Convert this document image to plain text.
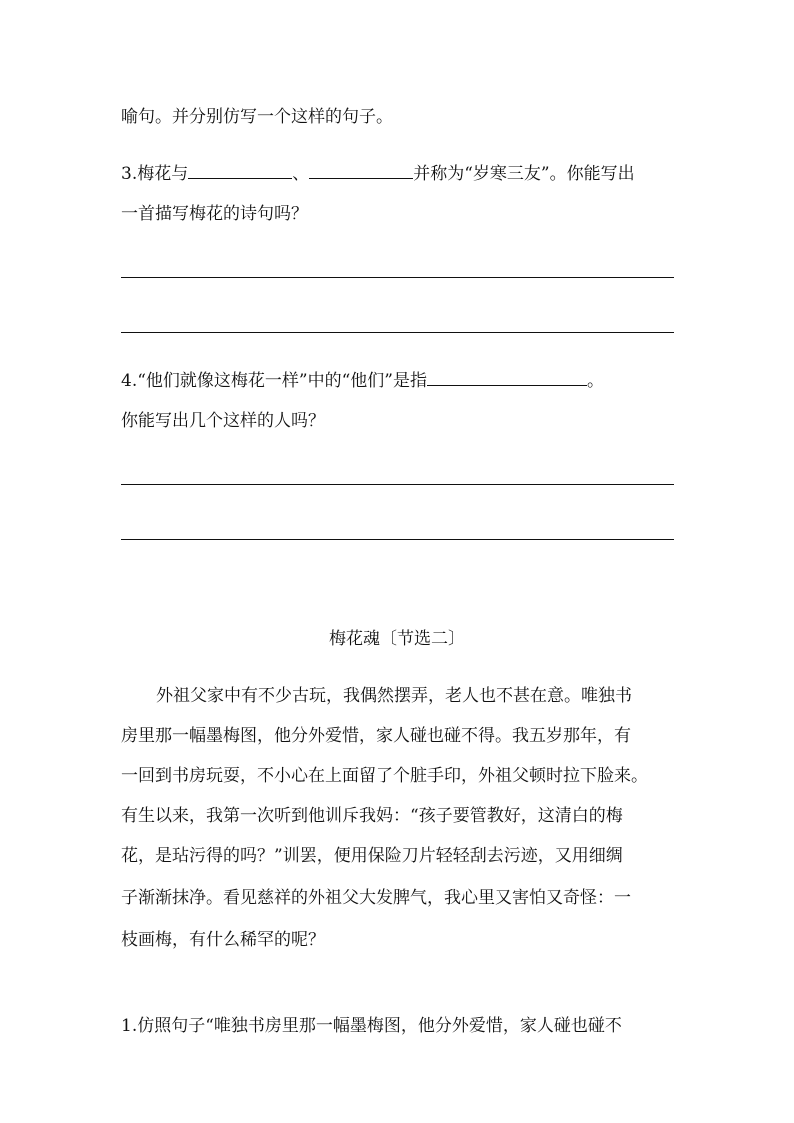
喻句。并分别仿写一个这样的句子。
3.梅花与	、	并称为“岁寒三友”。你能写出
一首描写梅花的诗句吗？
4.“他们就像这梅花一样”中的“他们”是指	。
你能写出几个这样的人吗？
梅花魂〔节选二〕
外祖父家中有不少古玩，我偶然摆弄，老人也不甚在意。唯独书
房里那一幅墨梅图，他分外爱惜，家人碰也碰不得。我五岁那年，有
一回到书房玩耍，不小心在上面留了个脏手印，外祖父顿时拉下脸来。
有生以来，我第一次听到他训斥我妈：“孩子要管教好，这清白的梅
花，是玷污得的吗？”训罢，便用保险刀片轻轻刮去污迹，又用细绸
子渐渐抹净。看见慈祥的外祖父大发脾气，我心里又害怕又奇怪：一
枝画梅，有什么稀罕的呢？
1.仿照句子“唯独书房里那一幅墨梅图，他分外爱惜，家人碰也碰不
